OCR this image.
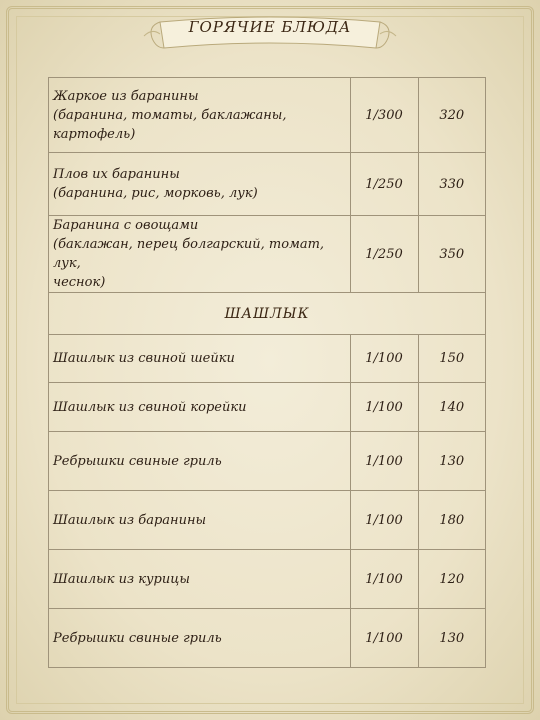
ГОРЯЧИЕ БЛЮДА
Жаркое из баранины
(баранина, томаты, баклажаны,
картофель)	1/300	320
Плов их баранины
(баранина, рис, морковь, лук)	1/250	330
Баранина с овощами
(баклажан, перец болгарский, томат, лук,
чеснок)	1/250	350
ШАШЛЫК		
Шашлык из свиной шейки	1/100	150
Шашлык из свиной корейки	1/100	140
Ребрышки свиные гриль	1/100	130
Шашлык из баранины	1/100	180
Шашлык из курицы	1/100	120
Ребрышки свиные гриль	1/100	130
